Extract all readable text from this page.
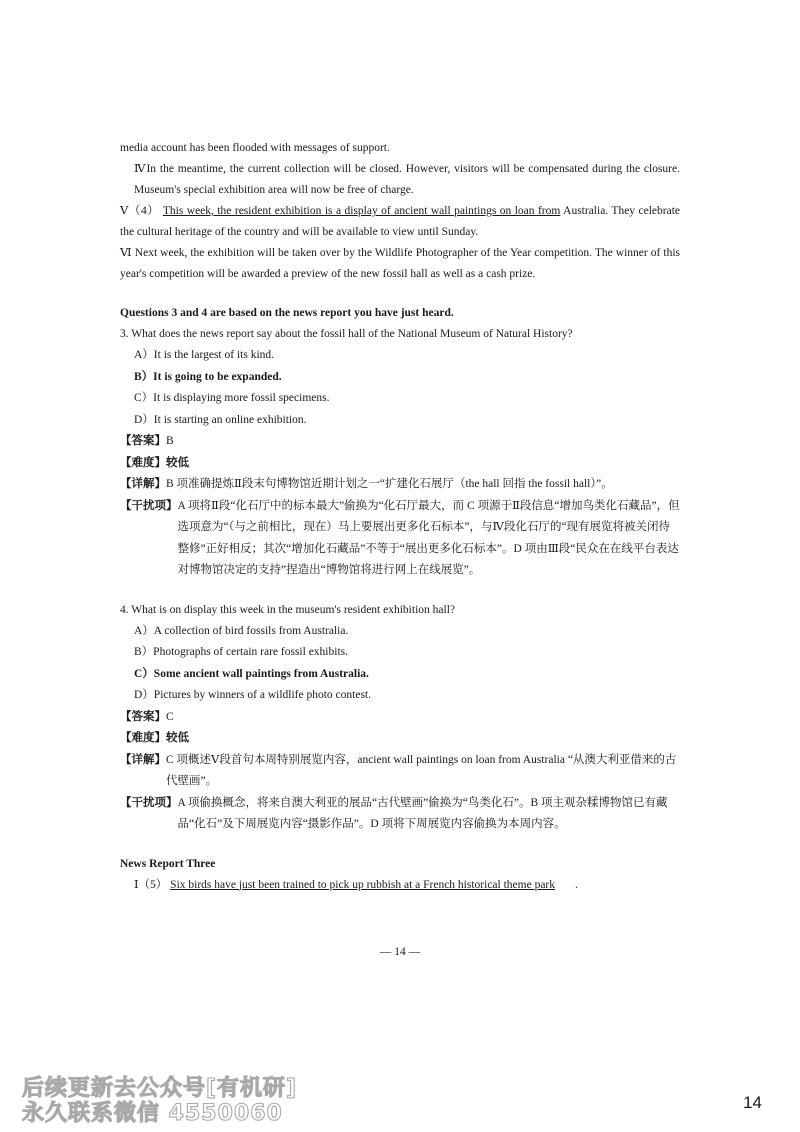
media account has been flooded with messages of support.

ⅣIn the meantime, the current collection will be closed. However, visitors will be compensated during the closure. Museum's special exhibition area will now be free of charge.

Ⅴ（4） This week, the resident exhibition is a display of ancient wall paintings on loan from Australia. They celebrate the cultural heritage of the country and will be available to view until Sunday.

Ⅵ Next week, the exhibition will be taken over by the Wildlife Photographer of the Year competition. The winner of this year's competition will be awarded a preview of the new fossil hall as well as a cash prize.

Questions 3 and 4 are based on the news report you have just heard.

3. What does the news report say about the fossil hall of the National Museum of Natural History?

A）It is the largest of its kind.

B）It is going to be expanded.

C）It is displaying more fossil specimens.

D）It is starting an online exhibition.

【答案】 B

【难度】 较低

【详解】 B 项准确提炼Ⅱ段末句博物馆近期计划之一“扩建化石展厅（the hall 回指 the fossil hall）”。
【干扰项】 A 项将Ⅱ段“化石厅中的标本最大”偷换为“化石厅最大，而 C 项源于Ⅱ段信息“增加鸟类化石藏品”，但选项意为“（与之前相比，现在）马上要展出更多化石标本”，与Ⅳ段化石厅的“现有展览将被关闭待整修”正好相反；其次“增加化石藏品”不等于“展出更多化石标本”。D 项由Ⅲ段“民众在在线平台表达对博物馆决定的支持”捏造出“博物馆将进行网上在线展览”。

4. What is on display this week in the museum's resident exhibition hall?

A）A collection of bird fossils from Australia.

B）Photographs of certain rare fossil exhibits.

C）Some ancient wall paintings from Australia.

D）Pictures by winners of a wildlife photo contest.

【答案】 C

【难度】 较低

【详解】 C 项概述Ⅴ段首句本周特别展览内容，ancient wall paintings on loan from Australia “从澳大利亚借来的古代壁画”。
【干扰项】 A 项偷换概念，将来自澳大利亚的展品“古代壁画”偷换为“鸟类化石”。B 项主观杂糅博物馆已有藏品“化石”及下周展览内容“摄影作品”。D 项将下周展览内容偷换为本周内容。

News Report Three

Ⅰ（5） Six birds have just been trained to pick up rubbish at a French historical theme park .

— 14 —
后续更新去公众号[有机研]
永久联系微信 4550060	14
